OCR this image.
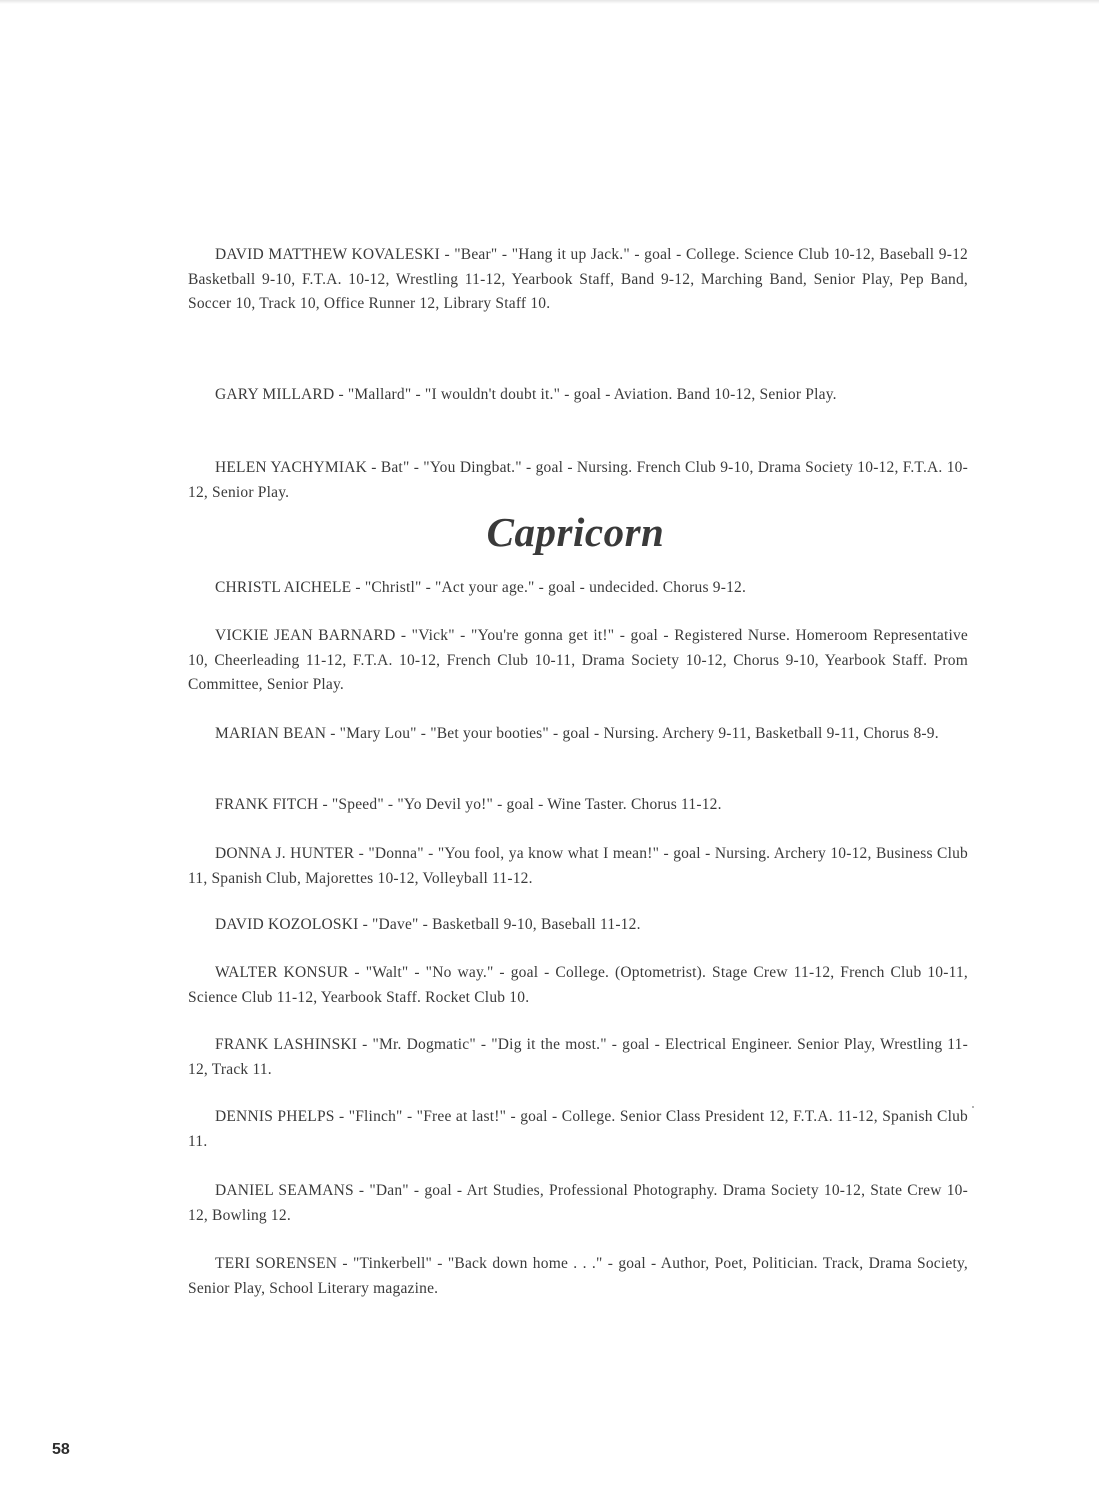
DAVID MATTHEW KOVALESKI - "Bear" - "Hang it up Jack." - goal - College. Science Club 10-12, Baseball 9-12 Basketball 9-10, F.T.A. 10-12, Wrestling 11-12, Yearbook Staff, Band 9-12, Marching Band, Senior Play, Pep Band, Soccer 10, Track 10, Office Runner 12, Library Staff 10.

GARY MILLARD - "Mallard" - "I wouldn't doubt it." - goal - Aviation. Band 10-12, Senior Play.

HELEN YACHYMIAK - Bat" - "You Dingbat." - goal - Nursing. French Club 9-10, Drama Society 10-12, F.T.A. 10-12, Senior Play.

Capricorn

CHRISTL AICHELE - "Christl" - "Act your age." - goal - undecided. Chorus 9-12.

VICKIE JEAN BARNARD - "Vick" - "You're gonna get it!" - goal - Registered Nurse. Homeroom Representative 10, Cheerleading 11-12, F.T.A. 10-12, French Club 10-11, Drama Society 10-12, Chorus 9-10, Yearbook Staff. Prom Committee, Senior Play.

MARIAN BEAN - "Mary Lou" - "Bet your booties" - goal - Nursing. Archery 9-11, Basketball 9-11, Chorus 8-9.

FRANK FITCH - "Speed" - "Yo Devil yo!" - goal - Wine Taster. Chorus 11-12.

DONNA J. HUNTER - "Donna" - "You fool, ya know what I mean!" - goal - Nursing. Archery 10-12, Business Club 11, Spanish Club, Majorettes 10-12, Volleyball 11-12.

DAVID KOZOLOSKI - "Dave" - Basketball 9-10, Baseball 11-12.

WALTER KONSUR - "Walt" - "No way." - goal - College. (Optometrist). Stage Crew 11-12, French Club 10-11, Science Club 11-12, Yearbook Staff. Rocket Club 10.

FRANK LASHINSKI - "Mr. Dogmatic" - "Dig it the most." - goal - Electrical Engineer. Senior Play, Wrestling 11-12, Track 11.

DENNIS PHELPS - "Flinch" - "Free at last!" - goal - College. Senior Class President 12, F.T.A. 11-12, Spanish Club 11.

DANIEL SEAMANS - "Dan" - goal - Art Studies, Professional Photography. Drama Society 10-12, State Crew 10-12, Bowling 12.

TERI SORENSEN - "Tinkerbell" - "Back down home . . ." - goal - Author, Poet, Politician. Track, Drama Society, Senior Play, School Literary magazine.

58
